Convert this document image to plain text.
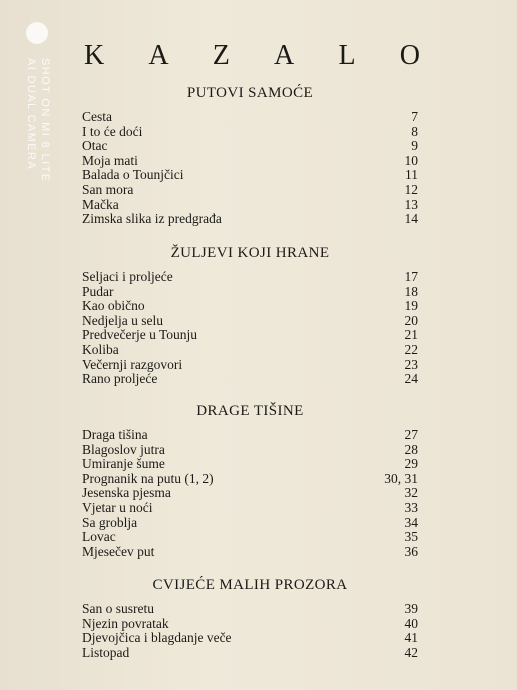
SHOT ON MI 8 LITE
AI DUAL CAMERA
K A Z A L O
PUTOVI SAMOĆE
Cesta	7
I to će doći	8
Otac	9
Moja mati	10
Balada o Tounjčici	11
San mora	12
Mačka	13
Zimska slika iz predgrađa	14
ŽULJEVI KOJI HRANE
Seljaci i proljeće	17
Pudar	18
Kao obično	19
Nedjelja u selu	20
Predvečerje u Tounju	21
Koliba	22
Večernji razgovori	23
Rano proljeće	24
DRAGE TIŠINE
Draga tišina	27
Blagoslov jutra	28
Umiranje šume	29
Prognanik na putu (1, 2)	30, 31
Jesenska pjesma	32
Vjetar u noći	33
Sa groblja	34
Lovac	35
Mjesečev put	36
CVIJEĆE MALIH PROZORA
San o susretu	39
Njezin povratak	40
Djevojčica i blagdanje veče	41
Listopad	42
